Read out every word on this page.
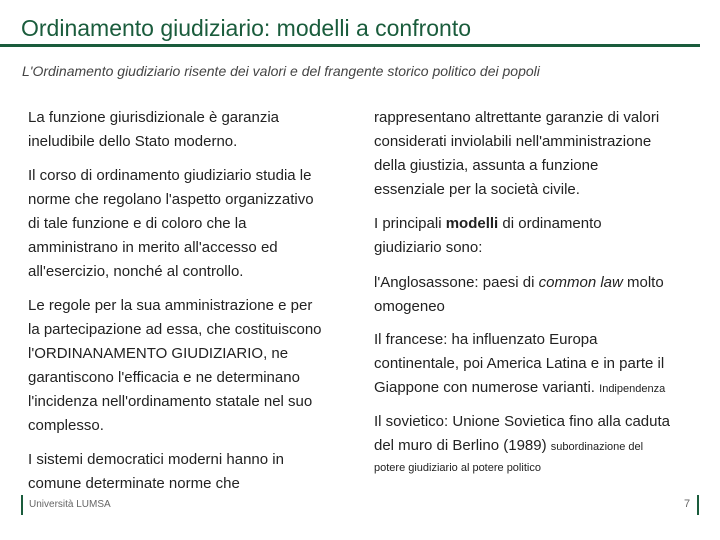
Ordinamento giudiziario: modelli a confronto
L'Ordinamento giudiziario risente dei valori e del frangente storico politico dei popoli
La funzione giurisdizionale è garanzia
ineludibile dello Stato moderno.
Il corso di ordinamento giudiziario studia le
norme che regolano l'aspetto organizzativo
di tale funzione e di coloro che la
amministrano in merito all'accesso ed
all'esercizio, nonché al controllo.
Le regole per la sua amministrazione e per
la partecipazione ad essa, che costituiscono
l'ORDINANAMENTO GIUDIZIARIO, ne
garantiscono l'efficacia e ne determinano
l'incidenza nell'ordinamento statale nel suo
complesso.
I sistemi democratici moderni hanno in
comune determinate norme che
rappresentano altrettante garanzie di valori
considerati inviolabili nell'amministrazione
della giustizia, assunta a funzione
essenziale per la società civile.
I principali modelli di ordinamento
giudiziario sono:
l'Anglosassone: paesi di common law molto
omogeneo
Il francese: ha influenzato Europa
continentale, poi America Latina e in parte il
Giappone con numerose varianti. Indipendenza
Il sovietico: Unione Sovietica fino alla caduta
del muro di Berlino (1989) subordinazione del
potere giudiziario al potere politico
Università LUMSA	7
